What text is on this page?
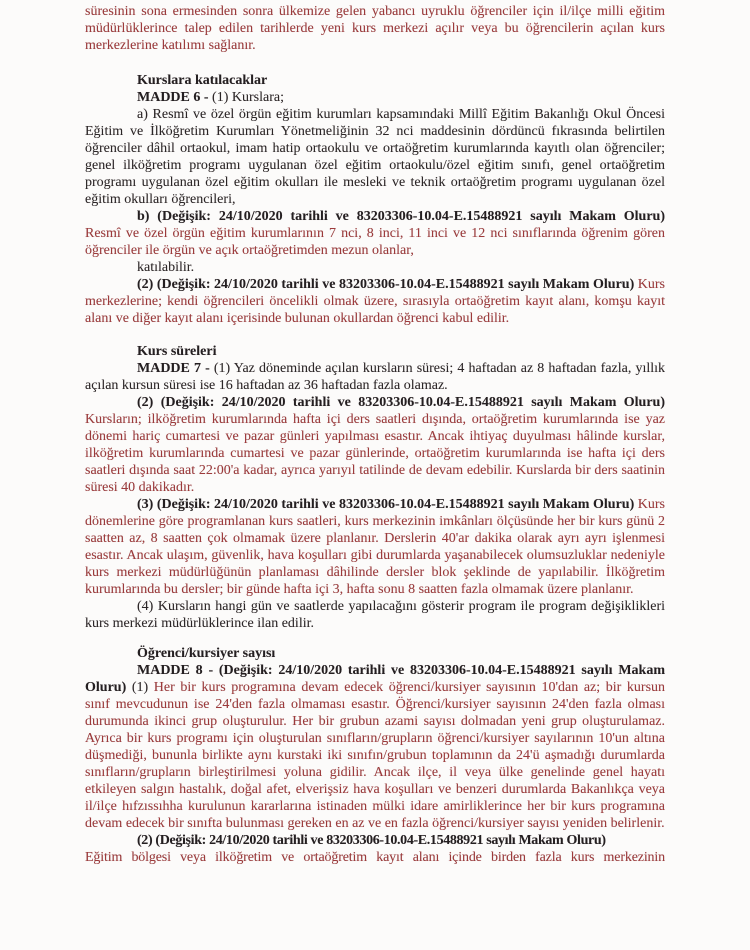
süresinin sona ermesinden sonra ülkemize gelen yabancı uyruklu öğrenciler için il/ilçe milli eğitim müdürlüklerince talep edilen tarihlerde yeni kurs merkezi açılır veya bu öğrencilerin açılan kurs merkezlerine katılımı sağlanır.

Kurslara katılacaklar

MADDE 6 - (1) Kurslara;

a) Resmî ve özel örgün eğitim kurumları kapsamındaki Millî Eğitim Bakanlığı Okul Öncesi Eğitim ve İlköğretim Kurumları Yönetmeliğinin 32 nci maddesinin dördüncü fıkrasında belirtilen öğrenciler dâhil ortaokul, imam hatip ortaokulu ve ortaöğretim kurumlarında kayıtlı olan öğrenciler; genel ilköğretim programı uygulanan özel eğitim ortaokulu/özel eğitim sınıfı, genel ortaöğretim programı uygulanan özel eğitim okulları ile mesleki ve teknik ortaöğretim programı uygulanan özel eğitim okulları öğrencileri,

b) (Değişik: 24/10/2020 tarihli ve 83203306-10.04-E.15488921 sayılı Makam Oluru) Resmî ve özel örgün eğitim kurumlarının 7 nci, 8 inci, 11 inci ve 12 nci sınıflarında öğrenim gören öğrenciler ile örgün ve açık ortaöğretimden mezun olanlar,

katılabilir.

(2) (Değişik: 24/10/2020 tarihli ve 83203306-10.04-E.15488921 sayılı Makam Oluru) Kurs merkezlerine; kendi öğrencileri öncelikli olmak üzere, sırasıyla ortaöğretim kayıt alanı, komşu kayıt alanı ve diğer kayıt alanı içerisinde bulunan okullardan öğrenci kabul edilir.

Kurs süreleri

MADDE 7 - (1) Yaz döneminde açılan kursların süresi; 4 haftadan az 8 haftadan fazla, yıllık açılan kursun süresi ise 16 haftadan az 36 haftadan fazla olamaz.

(2) (Değişik: 24/10/2020 tarihli ve 83203306-10.04-E.15488921 sayılı Makam Oluru) Kursların; ilköğretim kurumlarında hafta içi ders saatleri dışında, ortaöğretim kurumlarında ise yaz dönemi hariç cumartesi ve pazar günleri yapılması esastır. Ancak ihtiyaç duyulması hâlinde kurslar, ilköğretim kurumlarında cumartesi ve pazar günlerinde, ortaöğretim kurumlarında ise hafta içi ders saatleri dışında saat 22:00'a kadar, ayrıca yarıyıl tatilinde de devam edebilir. Kurslarda bir ders saatinin süresi 40 dakikadır.

(3) (Değişik: 24/10/2020 tarihli ve 83203306-10.04-E.15488921 sayılı Makam Oluru) Kurs dönemlerine göre programlanan kurs saatleri, kurs merkezinin imkânları ölçüsünde her bir kurs günü 2 saatten az, 8 saatten çok olmamak üzere planlanır. Derslerin 40'ar dakika olarak ayrı ayrı işlenmesi esastır. Ancak ulaşım, güvenlik, hava koşulları gibi durumlarda yaşanabilecek olumsuzluklar nedeniyle kurs merkezi müdürlüğünün planlaması dâhilinde dersler blok şeklinde de yapılabilir. İlköğretim kurumlarında bu dersler; bir günde hafta içi 3, hafta sonu 8 saatten fazla olmamak üzere planlanır.

(4) Kursların hangi gün ve saatlerde yapılacağını gösterir program ile program değişiklikleri kurs merkezi müdürlüklerince ilan edilir.

Öğrenci/kursiyer sayısı

MADDE 8 - (Değişik: 24/10/2020 tarihli ve 83203306-10.04-E.15488921 sayılı Makam Oluru) (1) Her bir kurs programına devam edecek öğrenci/kursiyer sayısının 10'dan az; bir kursun sınıf mevcudunun ise 24'den fazla olmaması esastır. Öğrenci/kursiyer sayısının 24'den fazla olması durumunda ikinci grup oluşturulur. Her bir grubun azami sayısı dolmadan yeni grup oluşturulamaz. Ayrıca bir kurs programı için oluşturulan sınıfların/grupların öğrenci/kursiyer sayılarının 10'un altına düşmediği, bununla birlikte aynı kurstaki iki sınıfın/grubun toplamının da 24'ü aşmadığı durumlarda sınıfların/grupların birleştirilmesi yoluna gidilir. Ancak ilçe, il veya ülke genelinde genel hayatı etkileyen salgın hastalık, doğal afet, elverişsiz hava koşulları ve benzeri durumlarda Bakanlıkça veya il/ilçe hıfzıssıhha kurulunun kararlarına istinaden mülki idare amirliklerince her bir kurs programına devam edecek bir sınıfta bulunması gereken en az ve en fazla öğrenci/kursiyer sayısı yeniden belirlenir.

(2) (Değişik: 24/10/2020 tarihli ve 83203306-10.04-E.15488921 sayılı Makam Oluru)

Eğitim bölgesi veya ilköğretim ve ortaöğretim kayıt alanı içinde birden fazla kurs merkezinin
